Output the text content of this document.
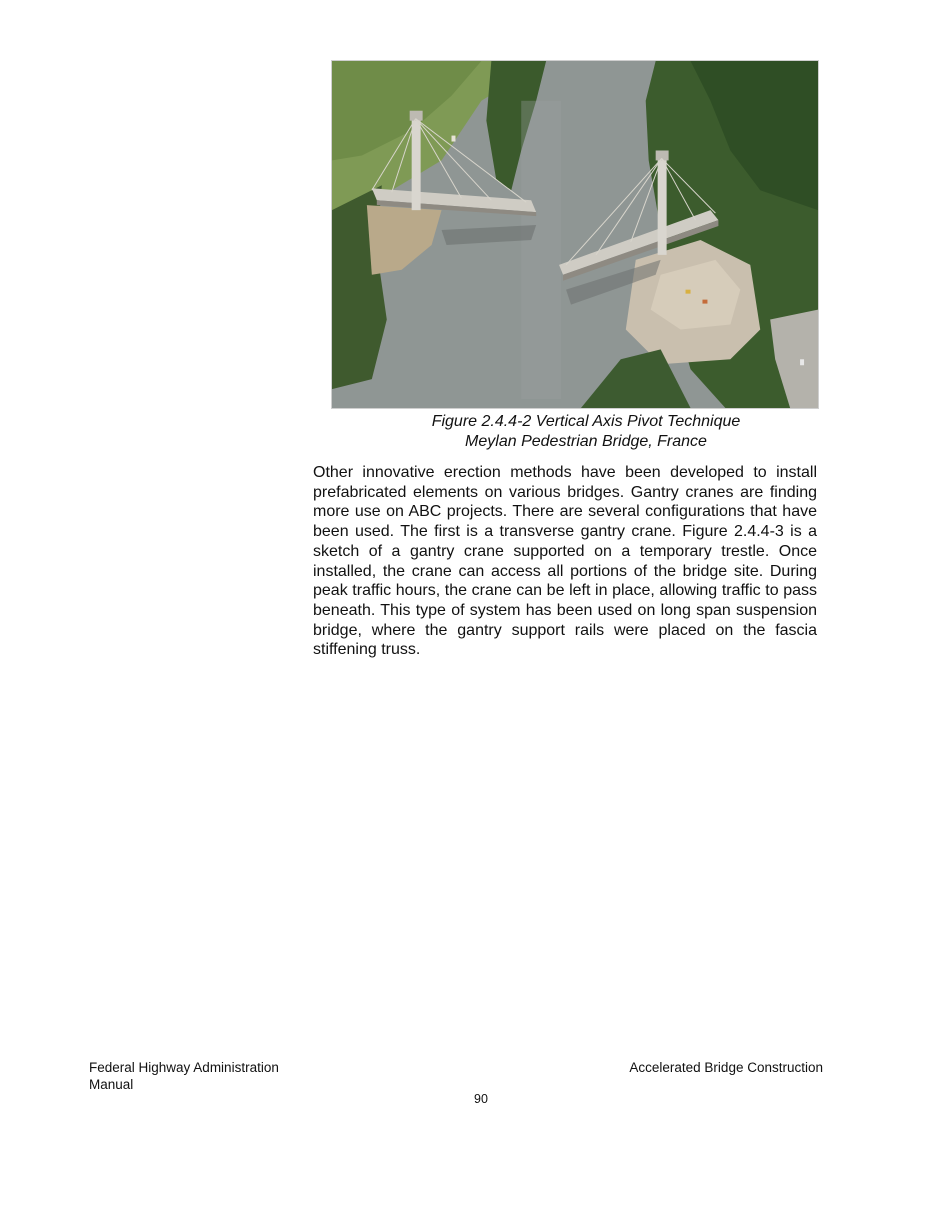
Figure 2.4.4-2 Vertical Axis Pivot Technique
Meylan Pedestrian Bridge, France
Other innovative erection methods have been developed to install prefabricated elements on various bridges. Gantry cranes are finding more use on ABC projects. There are several configurations that have been used. The first is a transverse gantry crane. Figure 2.4.4-3 is a sketch of a gantry crane supported on a temporary trestle. Once installed, the crane can access all portions of the bridge site. During peak traffic hours, the crane can be left in place, allowing traffic to pass beneath. This type of system has been used on long span suspension bridge, where the gantry support rails were placed on the fascia stiffening truss.
Federal Highway Administration
Manual
Accelerated Bridge Construction
90
